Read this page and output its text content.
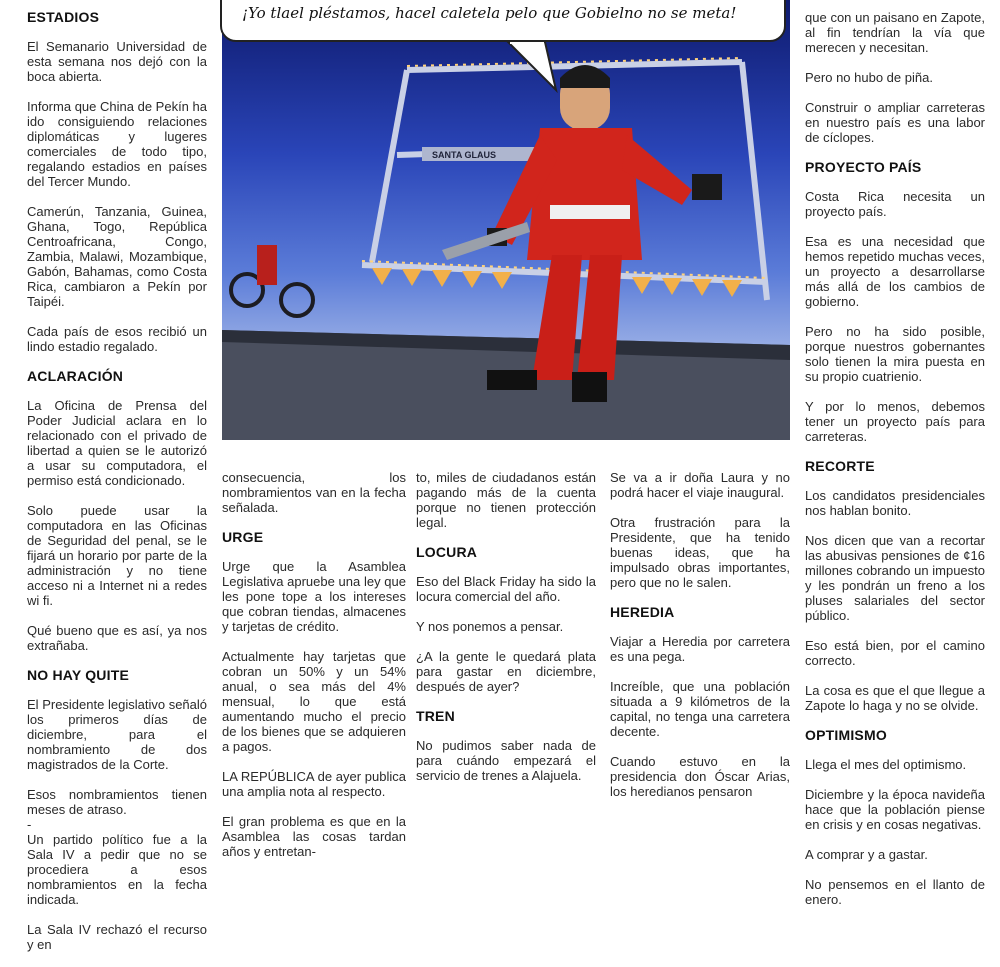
SANTA GLAUS
¡Yo tlael pléstamos, hacel caletela pelo que Gobielno no se meta!
ESTADIOS

El Semanario Universidad de esta semana nos dejó con la boca abierta.

Informa que China de Pekín ha ido consiguiendo relaciones diplomáticas y lugeres comerciales de todo tipo, regalando estadios en países del Tercer Mundo.

Camerún, Tanzania, Guinea, Ghana, Togo, República Centroafricana, Congo, Zambia, Malawi, Mozambique, Gabón, Bahamas, como Costa Rica, cambiaron a Pekín por Taipéi.

Cada país de esos recibió un lindo estadio regalado.

ACLARACIÓN

La Oficina de Prensa del Poder Judicial aclara en lo relacionado con el privado de libertad a quien se le autorizó a usar su computadora, el permiso está condicionado.

Solo puede usar la computadora en las Oficinas de Seguridad del penal, se le fijará un horario por parte de la administración y no tiene acceso ni a Internet ni a redes wi fi.

Qué bueno que es así, ya nos extrañaba.

NO HAY QUITE

El Presidente legislativo señaló los primeros días de diciembre, para el nombramiento de dos magistrados de la Corte.

Esos nombramientos tienen meses de atraso.

-

Un partido político fue a la Sala IV a pedir que no se procediera a esos nombramientos en la fecha indicada.

La Sala IV rechazó el recurso y en

consecuencia, los nombramientos van en la fecha señalada.

URGE

Urge que la Asamblea Legislativa apruebe una ley que les pone tope a los intereses que cobran tiendas, almacenes y tarjetas de crédito.

Actualmente hay tarjetas que cobran un 50% y un 54% anual, o sea más del 4% mensual, lo que está aumentando mucho el precio de los bienes que se adquieren a pagos.

LA REPÚBLICA de ayer publica una amplia nota al respecto.

El gran problema es que en la Asamblea las cosas tardan años y entretan-

to, miles de ciudadanos están pagando más de la cuenta porque no tienen protección legal.

LOCURA

Eso del Black Friday ha sido la locura comercial del año.

Y nos ponemos a pensar.

¿A la gente le quedará plata para gastar en diciembre, después de ayer?

TREN

No pudimos saber nada de para cuándo empezará el servicio de trenes a Alajuela.

Se va a ir doña Laura y no podrá hacer el viaje inaugural.

Otra frustración para la Presidente, que ha tenido buenas ideas, que ha impulsado obras importantes, pero que no le salen.

HEREDIA

Viajar a Heredia por carretera es una pega.

Increíble, que una población situada a 9 kilómetros de la capital, no tenga una carretera decente.

Cuando estuvo en la presidencia don Óscar Arias, los heredianos pensaron

que con un paisano en Zapote, al fin tendrían la vía que merecen y necesitan.

Pero no hubo de piña.

Construir o ampliar carreteras en nuestro país es una labor de cíclopes.

PROYECTO PAÍS

Costa Rica necesita un proyecto país.

Esa es una necesidad que hemos repetido muchas veces, un proyecto a desarrollarse más allá de los cambios de gobierno.

Pero no ha sido posible, porque nuestros gobernantes solo tienen la mira puesta en su propio cuatrienio.

Y por lo menos, debemos tener un proyecto país para carreteras.

RECORTE

Los candidatos presidenciales nos hablan bonito.

Nos dicen que van a recortar las abusivas pensiones de ¢16 millones cobrando un impuesto y les pondrán un freno a los pluses salariales del sector público.

Eso está bien, por el camino correcto.

La cosa es que el que llegue a Zapote lo haga y no se olvide.

OPTIMISMO

Llega el mes del optimismo.

Diciembre y la época navideña hace que la población piense en crisis y en cosas negativas.

A comprar y a gastar.

No pensemos en el llanto de enero.
